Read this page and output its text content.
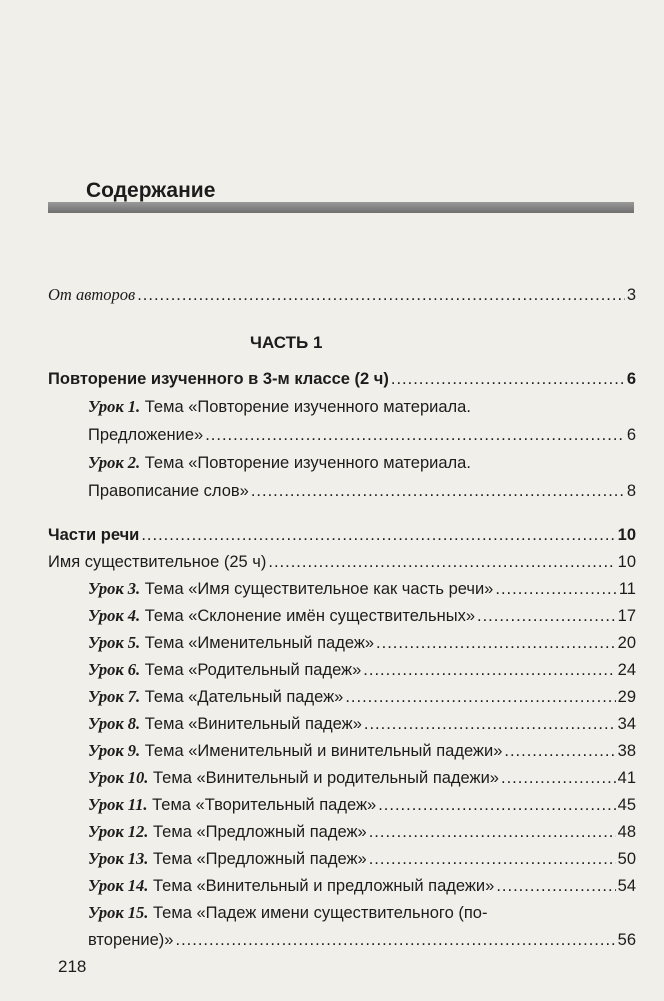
Содержание
От авторов .....	3

ЧАСТЬ 1

Повторение изученного в 3-м классе (2 ч) .....	6
Урок 1. Тема «Повторение изученного материала.
Предложение» .....	6
Урок 2. Тема «Повторение изученного материала.
Правописание слов» .....	8
Части речи .....	10
Имя существительное (25 ч) .....	10
Урок 3. Тема «Имя существительное как часть речи» .....	11
Урок 4. Тема «Склонение имён существительных» .....	17
Урок 5. Тема «Именительный падеж» .....	20
Урок 6. Тема «Родительный падеж» .....	24
Урок 7. Тема «Дательный падеж» .....	29
Урок 8. Тема «Винительный падеж» .....	34
Урок 9. Тема «Именительный и винительный падежи» .....	38
Урок 10. Тема «Винительный и родительный падежи» .....	41
Урок 11. Тема «Творительный падеж» .....	45
Урок 12. Тема «Предложный падеж» .....	48
Урок 13. Тема «Предложный падеж» .....	50
Урок 14. Тема «Винительный и предложный падежи» .....	54
Урок 15. Тема «Падеж имени существительного (по-
вторение)» .....	56
218
